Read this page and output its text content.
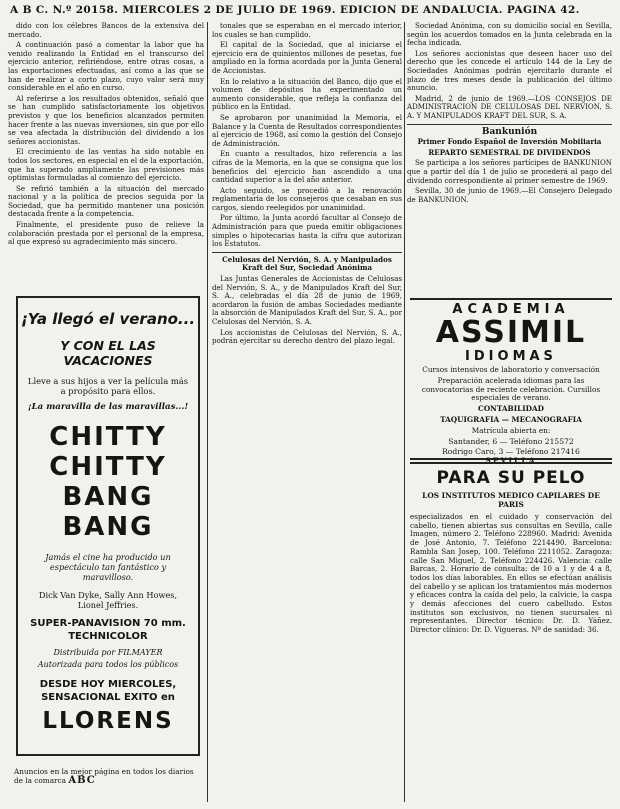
A B C. N.º 20158. MIERCOLES 2 DE JULIO DE 1969. EDICION DE ANDALUCIA. PAGINA 42.

dido con los célebres Bancos de la extensiva del mercado.

A continuación pasó a comentar la labor que ha venido realizando la Entidad en el transcurso del ejercicio anterior, refiriéndose, entre otras cosas, a las exportaciones efectuadas, así como a las que se han de realizar a corto plazo, cuyo valor será muy considerable en el año en curso.

Al referirse a los resultados obtenidos, señaló que se han cumplido satisfactoriamente los objetivos previstos y que los beneficios alcanzados permiten hacer frente a las nuevas inversiones, sin que por ello se vea afectada la distribución del dividendo a los señores accionistas.

El crecimiento de las ventas ha sido notable en todos los sectores, en especial en el de la exportación, que ha superado ampliamente las previsiones más optimistas formuladas al comienzo del ejercicio.

Se refirió también a la situación del mercado nacional y a la política de precios seguida por la Sociedad, que ha permitido mantener una posición destacada frente a la competencia.

Finalmente, el presidente puso de relieve la colaboración prestada por el personal de la empresa, al que expresó su agradecimiento más sincero.

¡Ya llegó el verano...
Y CON EL LAS VACACIONES
Lleve a sus hijos a ver la película más a propósito para ellos.
¡La maravilla de las maravillas...!
CHITTY CHITTY
BANG BANG
Jamás el cine ha producido un espectáculo tan fantástico y maravilloso.
Dick Van Dyke, Sally Ann Howes, Lionel Jeffries.
SUPER-PANAVISION 70 mm.
TECHNICOLOR
Distribuida por FILMAYER
Autorizada para todos los públicos
DESDE HOY MIERCOLES,
SENSACIONAL EXITO en
LLORENS
Anuncios en la mejor página en todos los diarios de la comarca ABC

tonales que se esperaban en el mercado interior, los cuales se han cumplido.

El capital de la Sociedad, que al iniciarse el ejercicio era de quinientos millones de pesetas, fue ampliado en la forma acordada por la Junta General de Accionistas.

En lo relativo a la situación del Banco, dijo que el volumen de depósitos ha experimentado un aumento considerable, que refleja la confianza del público en la Entidad.

Se aprobaron por unanimidad la Memoria, el Balance y la Cuenta de Resultados correspondientes al ejercicio de 1968, así como la gestión del Consejo de Administración.

En cuanto a resultados, hizo referencia a las cifras de la Memoria, en la que se consigna que los beneficios del ejercicio han ascendido a una cantidad superior a la del año anterior.

Acto seguido, se procedió a la renovación reglamentaria de los consejeros que cesaban en sus cargos, siendo reelegidos por unanimidad.

Por último, la Junta acordó facultar al Consejo de Administración para que pueda emitir obligaciones simples o hipotecarias hasta la cifra que autorizan los Estatutos.

Celulosas del Nervión, S. A. y Manipulados Kraft del Sur, Sociedad Anónima

Las Juntas Generales de Accionistas de Celulosas del Nervión, S. A., y de Manipulados Kraft del Sur, S. A., celebradas el día 28 de junio de 1969, acordaron la fusión de ambas Sociedades mediante la absorción de Manipulados Kraft del Sur, S. A., por Celulosas del Nervión, S. A.

Los accionistas de Celulosas del Nervión, S. A., podrán ejercitar su derecho dentro del plazo legal.

Sociedad Anónima, con su domicilio social en Sevilla, según los acuerdos tomados en la Junta celebrada en la fecha indicada.

Los señores accionistas que deseen hacer uso del derecho que les concede el artículo 144 de la Ley de Sociedades Anónimas podrán ejercitarlo durante el plazo de tres meses desde la publicación del último anuncio.

Madrid, 2 de junio de 1969.—LOS CONSEJOS DE ADMINISTRACION DE CELULOSAS DEL NERVION, S. A. Y MANIPULADOS KRAFT DEL SUR, S. A.

Bankunión

Primer Fondo Español de Inversión Mobiliaria

REPARTO SEMESTRAL DE DIVIDENDOS

Se participa a los señores partícipes de BANKUNION que a partir del día 1 de julio se procederá al pago del dividendo correspondiente al primer semestre de 1969.

Sevilla, 30 de junio de 1969.—El Consejero Delegado de BANKUNION.

ACADEMIA
ASSIMIL
IDIOMAS
Cursos intensivos de laboratorio y conversación
Preparación acelerada idiomas para las convocatorias de reciente celebración. Cursillos especiales de verano.
CONTABILIDAD
TAQUIGRAFIA — MECANOGRAFIA
Matrícula abierta en:
Santander, 6 — Teléfono 215572
Rodrigo Caro, 3 — Teléfono 217416
SEVILLA
PARA SU PELO
LOS INSTITUTOS MEDICO CAPILARES DE PARIS
especializados en el cuidado y conservación del cabello, tienen abiertas sus consultas en Sevilla, calle Imagen, número 2. Teléfono 228960. Madrid: Avenida de José Antonio, 7. Teléfono 2214490. Barcelona: Rambla San Josep, 100. Teléfono 2211052. Zaragoza: calle San Miguel, 2. Teléfono 224426. Valencia: calle Barcas, 2. Horario de consulta: de 10 a 1 y de 4 a 8, todos los días laborables. En ellos se efectúan análisis del cabello y se aplican los tratamientos más modernos y eficaces contra la caída del pelo, la calvicie, la caspa y demás afecciones del cuero cabelludo. Estos institutos son exclusivos, no tienen sucursales ni representantes. Director técnico: Dr. D. Yáñez. Director clínico: Dr. D. Vigueras. Nº de sanidad: 36.
